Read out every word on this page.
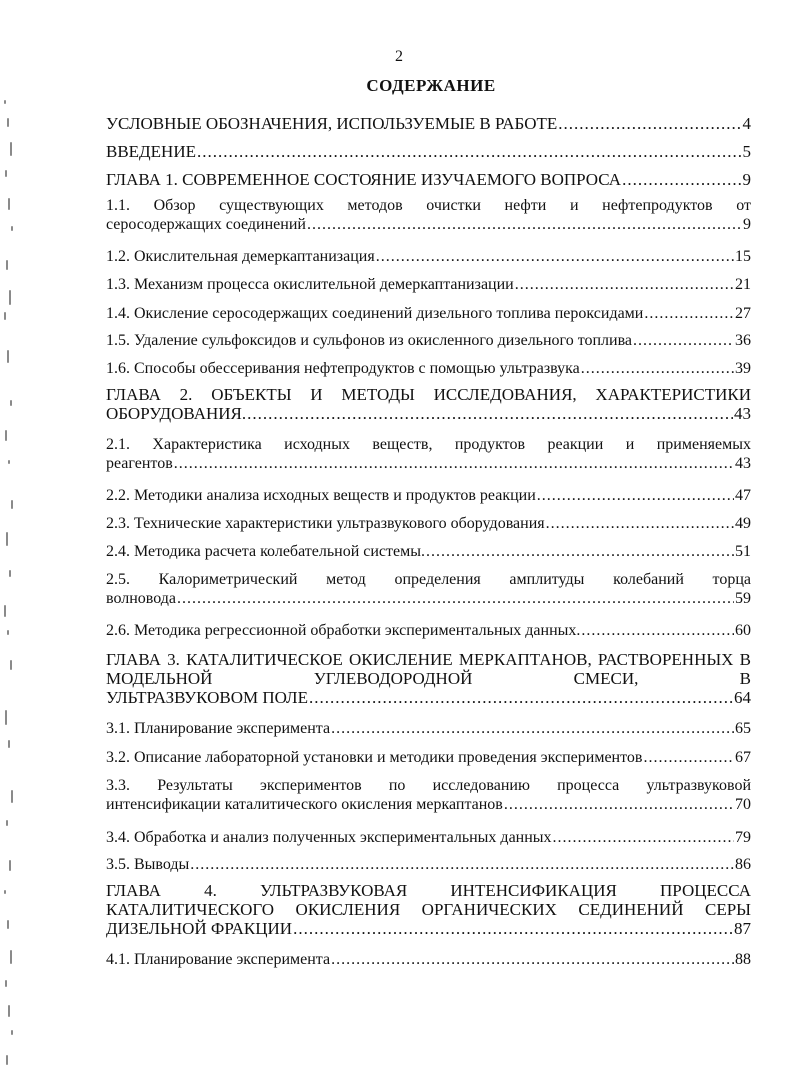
2
СОДЕРЖАНИЕ
УСЛОВНЫЕ ОБОЗНАЧЕНИЯ, ИСПОЛЬЗУЕМЫЕ В РАБОТЕ .....	4
ВВЕДЕНИЕ .....	5
ГЛАВА 1. СОВРЕМЕННОЕ СОСТОЯНИЕ ИЗУЧАЕМОГО ВОПРОСА .....	9
1.1. Обзор существующих методов очистки нефти и нефтепродуктов от
серосодержащих соединений .....	9
1.2. Окислительная демеркаптанизация .....	15
1.3. Механизм процесса окислительной демеркаптанизации .....	21
1.4. Окисление серосодержащих соединений дизельного топлива пероксидами .....	27
1.5. Удаление сульфоксидов и сульфонов из окисленного дизельного топлива .....	36
1.6. Способы обессеривания нефтепродуктов с помощью ультразвука .....	39
ГЛАВА 2. ОБЪЕКТЫ И МЕТОДЫ ИССЛЕДОВАНИЯ, ХАРАКТЕРИСТИКИ
ОБОРУДОВАНИЯ. .....	43
2.1. Характеристика исходных веществ, продуктов реакции и применяемых
реагентов .....	43
2.2. Методики анализа исходных веществ и продуктов реакции .....	47
2.3. Технические характеристики ультразвукового оборудования .....	49
2.4. Методика расчета колебательной системы. .....	51
2.5. Калориметрический метод определения амплитуды колебаний торца
волновода .....	59
2.6. Методика регрессионной обработки экспериментальных данных. .....	60
ГЛАВА 3. КАТАЛИТИЧЕСКОЕ ОКИСЛЕНИЕ МЕРКАПТАНОВ, РАСТВОРЕННЫХ В МОДЕЛЬНОЙ УГЛЕВОДОРОДНОЙ СМЕСИ, В
УЛЬТРАЗВУКОВОМ ПОЛЕ .....	64
3.1. Планирование эксперимента .....	65
3.2. Описание лабораторной установки и методики проведения экспериментов .....	67
3.3. Результаты экспериментов по исследованию процесса ультразвуковой
интенсификации каталитического окисления меркаптанов .....	70
3.4. Обработка и анализ полученных экспериментальных данных .....	79
3.5. Выводы .....	86
ГЛАВА 4. УЛЬТРАЗВУКОВАЯ ИНТЕНСИФИКАЦИЯ ПРОЦЕССА КАТАЛИТИЧЕСКОГО ОКИСЛЕНИЯ ОРГАНИЧЕСКИХ СЕДИНЕНИЙ СЕРЫ
ДИЗЕЛЬНОЙ ФРАКЦИИ .....	87
4.1. Планирование эксперимента .....	88
